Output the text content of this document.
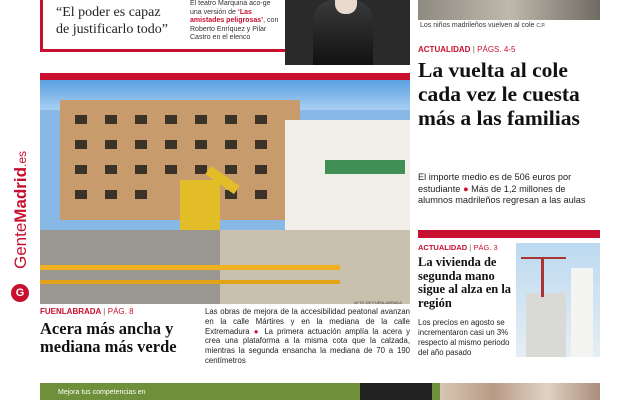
GenteMadrid.es
G
“El poder es capaz de justificarlo todo”
El teatro Marquina aco-ge una versión de ‘Las amistades peligrosas’, con Roberto Enríquez y Pilar Castro en el elenco
Los niños madrileños vuelven al cole C.P.
AYTO DE FUENLABRADA
FUENLABRADA | PÁG. 8
Acera más ancha y mediana más verde
Las obras de mejora de la accesibilidad peatonal avanzan en la calle Mártires y en la mediana de la calle Extremadura ● La primera actuación amplía la acera y crea una plataforma a la misma cota que la calzada, mientras la segunda ensancha la mediana de 70 a 190 centímetros
ACTUALIDAD | PÁGS. 4-5
La vuelta al cole cada vez le cuesta más a las familias
El importe medio es de 506 euros por estudiante ● Más de 1,2 millones de alumnos madrileños regresan a las aulas
ACTUALIDAD | PÁG. 3
La vivienda de segunda mano sigue al alza en la región
Los precios en agosto se incrementaron casi un 3% respecto al mismo periodo del año pasado
Mejora tus competencias en
